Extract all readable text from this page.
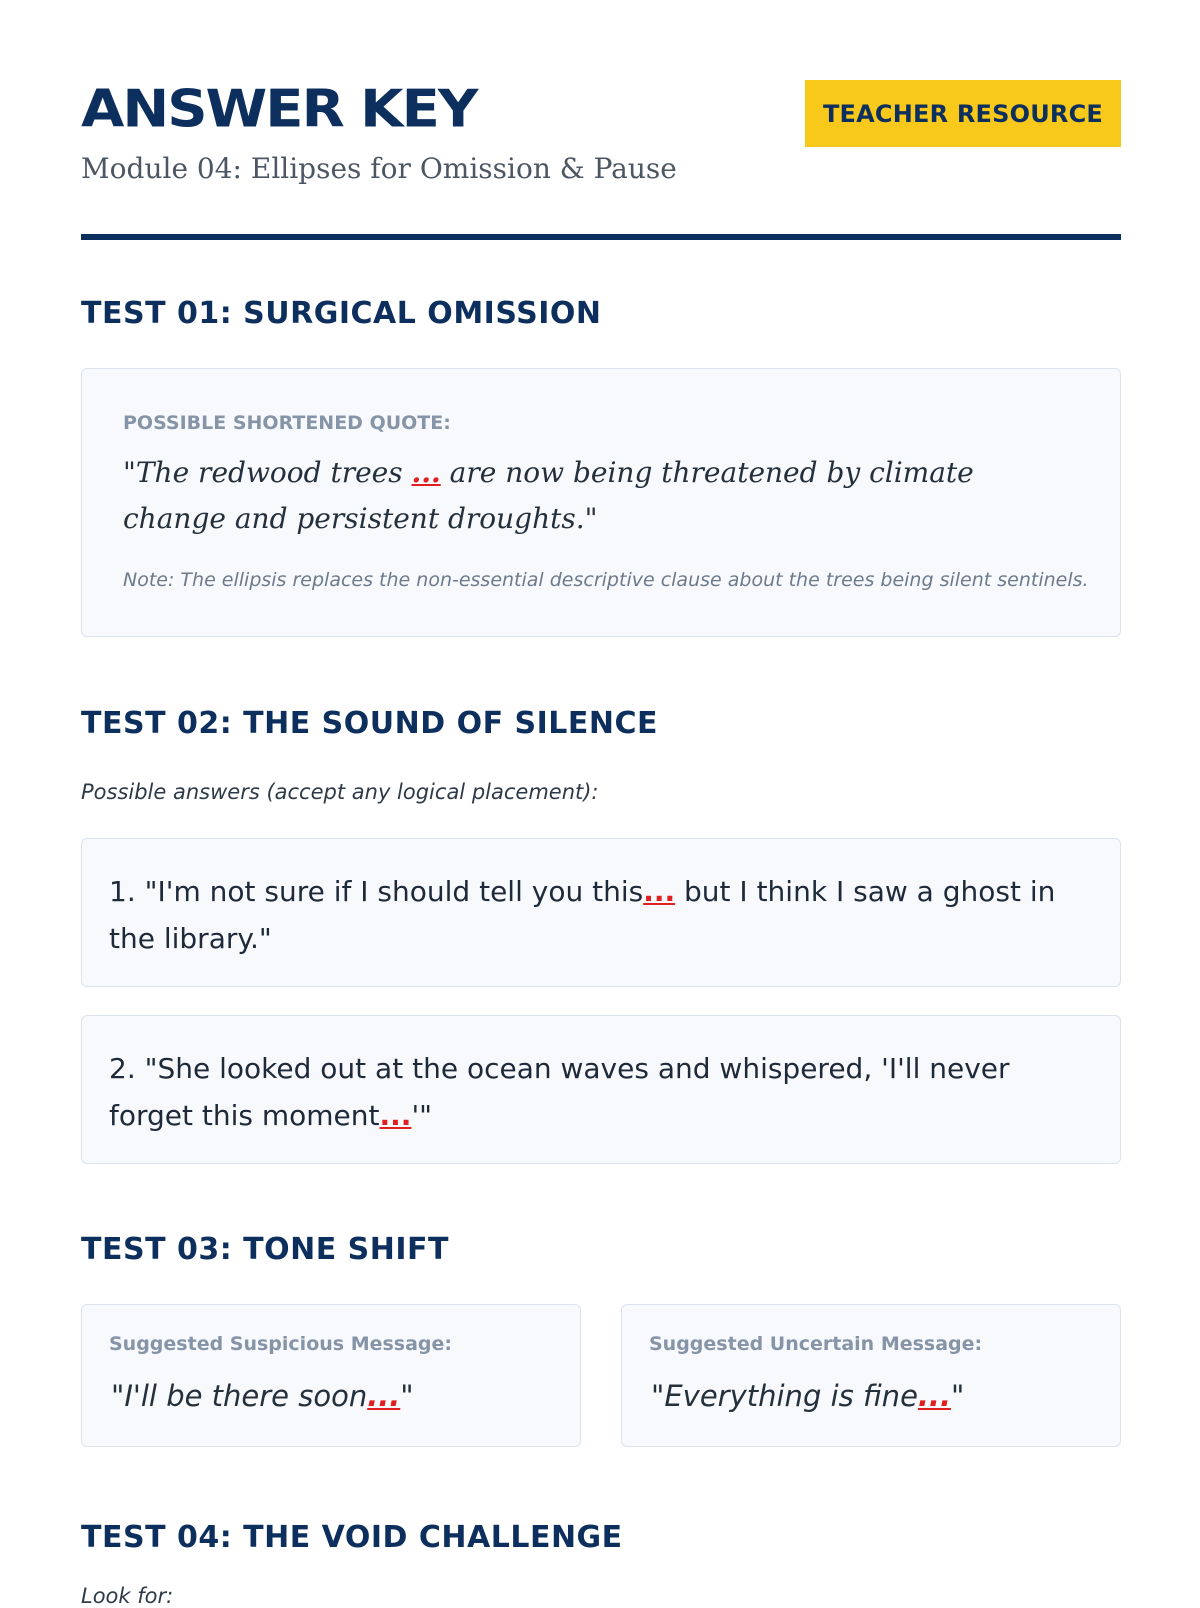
ANSWER KEY
Module 04: Ellipses for Omission & Pause
TEACHER RESOURCE
TEST 01: SURGICAL OMISSION
POSSIBLE SHORTENED QUOTE:
"The redwood trees ... are now being threatened by climate change and persistent droughts."
Note: The ellipsis replaces the non-essential descriptive clause about the trees being silent sentinels.
TEST 02: THE SOUND OF SILENCE
Possible answers (accept any logical placement):
1. "I'm not sure if I should tell you this... but I think I saw a ghost in the library."
2. "She looked out at the ocean waves and whispered, 'I'll never forget this moment...'"
TEST 03: TONE SHIFT
Suggested Suspicious Message:
"I'll be there soon..."
Suggested Uncertain Message:
"Everything is fine..."
TEST 04: THE VOID CHALLENGE
Look for:
